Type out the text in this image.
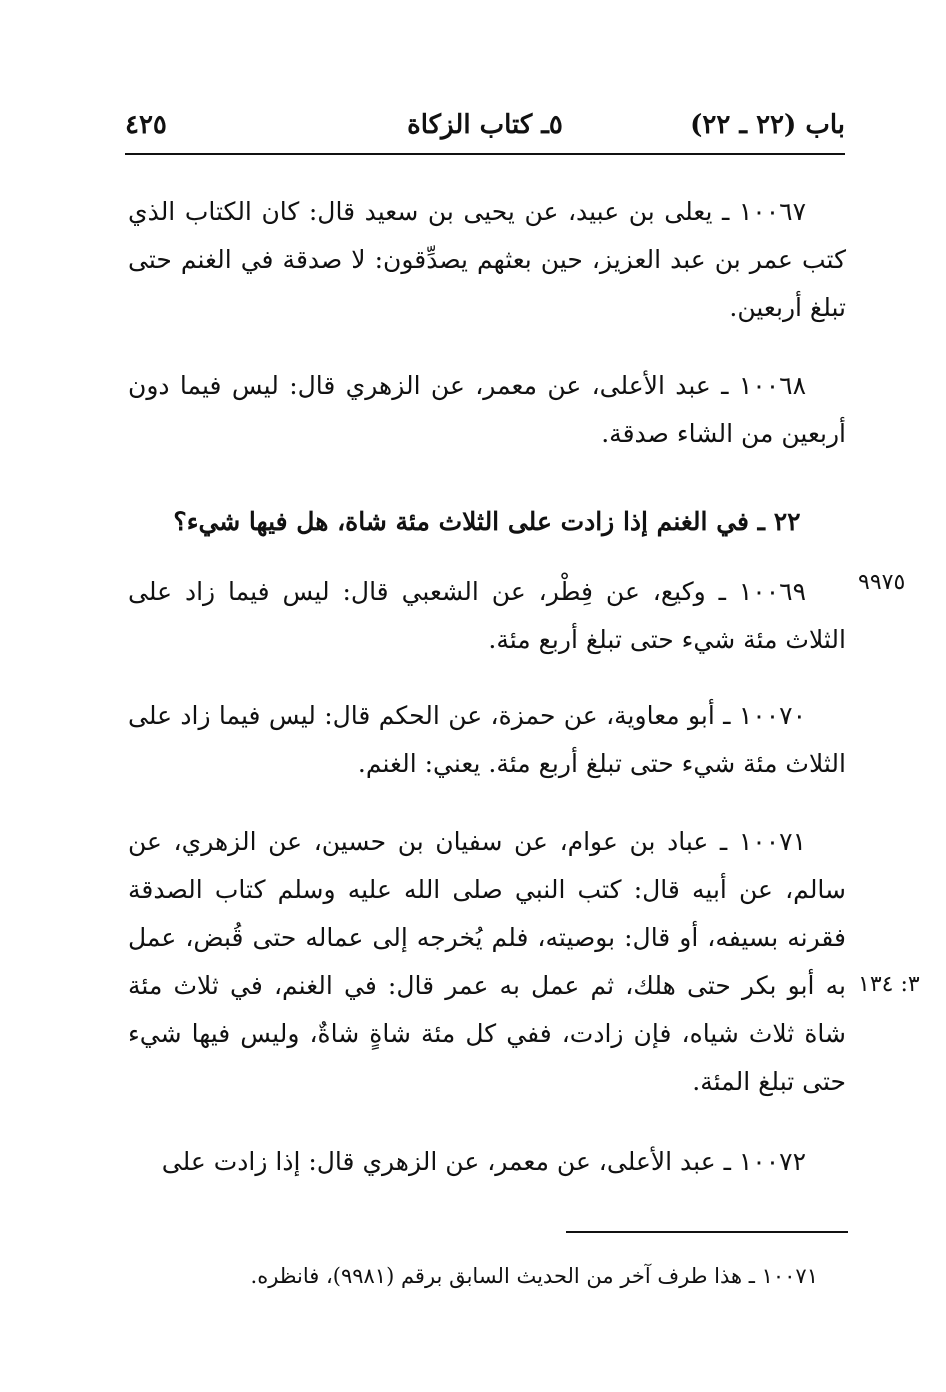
باب (٢٢ ـ ٢٢)
٥ـ كتاب الزكاة
٤٢٥

١٠٠٦٧ ـ يعلى بن عبيد، عن يحيى بن سعيد قال: كان الكتاب الذي كتب عمر بن عبد العزيز، حين بعثهم يصدِّقون: لا صدقة في الغنم حتى تبلغ أربعين.

١٠٠٦٨ ـ عبد الأعلى، عن معمر، عن الزهري قال: ليس فيما دون أربعين من الشاء صدقة.

٢٢ ـ في الغنم إذا زادت على الثلاث مئة شاة، هل فيها شيء؟

٩٩٧٥

١٠٠٦٩ ـ وكيع، عن فِطْر، عن الشعبي قال: ليس فيما زاد على الثلاث مئة شيء حتى تبلغ أربع مئة.

١٠٠٧٠ ـ أبو معاوية، عن حمزة، عن الحكم قال: ليس فيما زاد على الثلاث مئة شيء حتى تبلغ أربع مئة. يعني: الغنم.

١٠٠٧١ ـ عباد بن عوام، عن سفيان بن حسين، عن الزهري، عن سالم، عن أبيه قال: كتب النبي صلى الله عليه وسلم كتاب الصدقة فقرنه بسيفه، أو قال: بوصيته، فلم يُخرجه إلى عماله حتى قُبض، عمل به أبو بكر حتى هلك، ثم عمل به عمر قال: في الغنم، في ثلاث مئة شاة ثلاث شياه، فإن زادت، ففي كل مئة شاةٍ شاةٌ، وليس فيها شيء حتى تبلغ المئة.

٣: ١٣٤

١٠٠٧٢ ـ عبد الأعلى، عن معمر، عن الزهري قال: إذا زادت على

١٠٠٧١ ـ هذا طرف آخر من الحديث السابق برقم (٩٩٨١)، فانظره.
